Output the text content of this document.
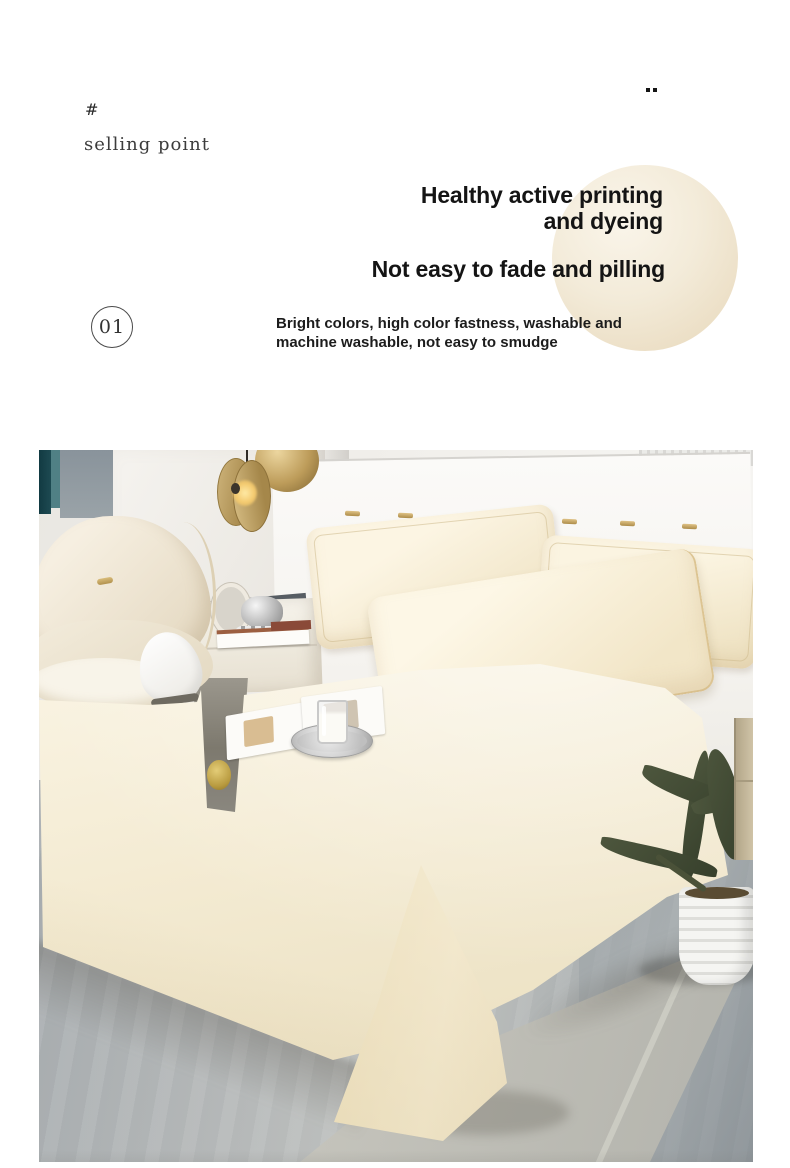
#
selling point
Healthy active printing
and dyeing
Not easy to fade and pilling
Bright colors, high color fastness, washable and machine washable, not easy to smudge
01
